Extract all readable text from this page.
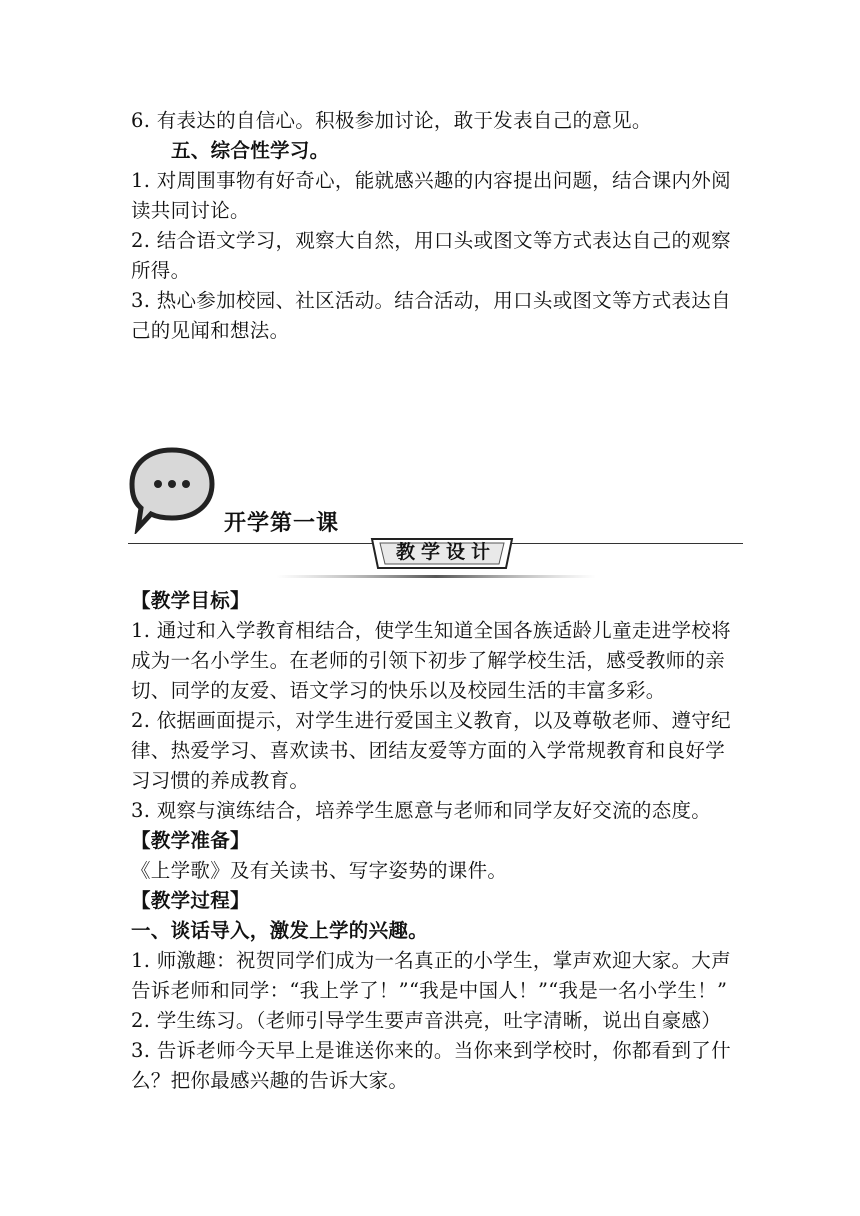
6. 有表达的自信心。积极参加讨论，敢于发表自己的意见。

五、综合性学习。

1. 对周围事物有好奇心，能就感兴趣的内容提出问题，结合课内外阅读共同讨论。

2. 结合语文学习，观察大自然，用口头或图文等方式表达自己的观察所得。

3. 热心参加校园、社区活动。结合活动，用口头或图文等方式表达自己的见闻和想法。

开学第一课
教学设计

【教学目标】

1. 通过和入学教育相结合，使学生知道全国各族适龄儿童走进学校将成为一名小学生。在老师的引领下初步了解学校生活，感受教师的亲切、同学的友爱、语文学习的快乐以及校园生活的丰富多彩。

2. 依据画面提示，对学生进行爱国主义教育，以及尊敬老师、遵守纪律、热爱学习、喜欢读书、团结友爱等方面的入学常规教育和良好学习习惯的养成教育。

3. 观察与演练结合，培养学生愿意与老师和同学友好交流的态度。

【教学准备】

《上学歌》及有关读书、写字姿势的课件。

【教学过程】

一、谈话导入，激发上学的兴趣。

1. 师激趣：祝贺同学们成为一名真正的小学生，掌声欢迎大家。大声告诉老师和同学：“我上学了！”“我是中国人！”“我是一名小学生！”

2. 学生练习。（老师引导学生要声音洪亮，吐字清晰，说出自豪感）

3. 告诉老师今天早上是谁送你来的。当你来到学校时，你都看到了什么？把你最感兴趣的告诉大家。
